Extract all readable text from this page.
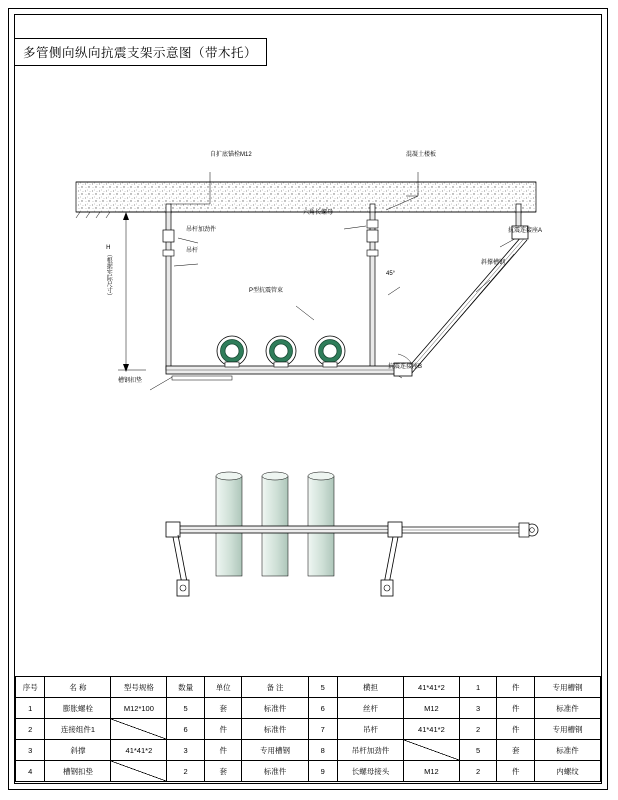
多管侧向纵向抗震支架示意图（带木托）
自扩底锚栓M12	混凝土楼板
吊杆加劲件
吊杆
六角长螺母
抗震连接座A
斜撑槽钢
45°
P型抗震管束
抗震连接座B
槽钢扣垫
H（根据实际尺寸）
序号	名 称	型号规格	数量	单位	备 注	5	横担	41*41*2	1	件	专用槽钢
1	膨胀螺栓	M12*100	5	套	标准件	6	丝杆	M12	3	件	标准件
2	连接组件1		6	件	标准件	7	吊杆	41*41*2	2	件	专用槽钢
3	斜撑	41*41*2	3	件	专用槽钢	8	吊杆加劲件		5	套	标准件
4	槽钢扣垫		2	套	标准件	9	长螺母接头	M12	2	件	内螺纹
